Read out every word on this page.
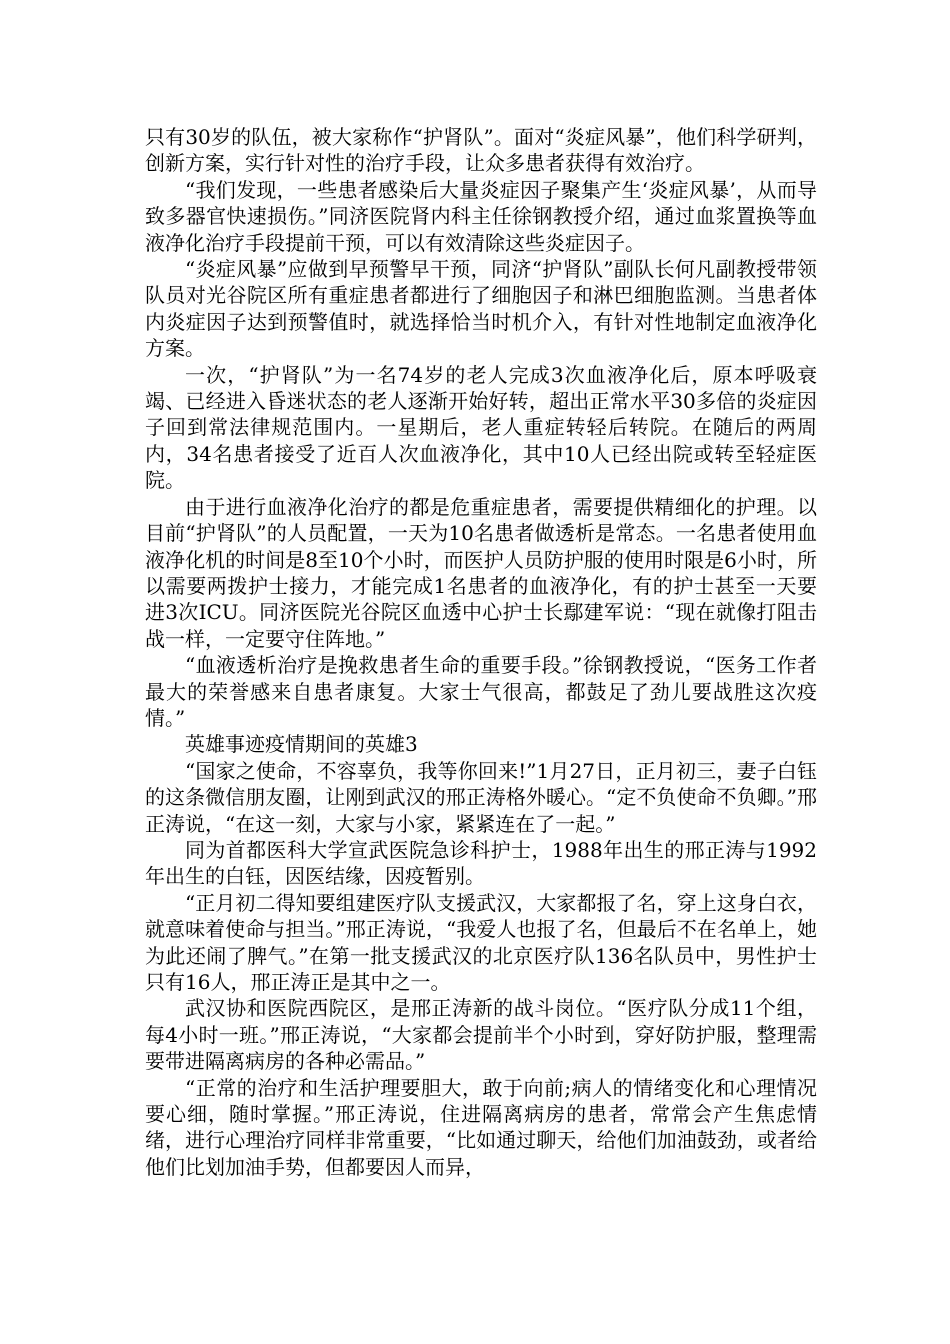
只有30岁的队伍，被大家称作“护肾队”。面对“炎症风暴”，他们科学研判，创新方案，实行针对性的治疗手段，让众多患者获得有效治疗。

“我们发现，一些患者感染后大量炎症因子聚集产生‘炎症风暴’，从而导致多器官快速损伤。”同济医院肾内科主任徐钢教授介绍，通过血浆置换等血液净化治疗手段提前干预，可以有效清除这些炎症因子。

“炎症风暴”应做到早预警早干预，同济“护肾队”副队长何凡副教授带领队员对光谷院区所有重症患者都进行了细胞因子和淋巴细胞监测。当患者体内炎症因子达到预警值时，就选择恰当时机介入，有针对性地制定血液净化方案。

一次，“护肾队”为一名74岁的老人完成3次血液净化后，原本呼吸衰竭、已经进入昏迷状态的老人逐渐开始好转，超出正常水平30多倍的炎症因子回到常法律规范围内。一星期后，老人重症转轻后转院。在随后的两周内，34名患者接受了近百人次血液净化，其中10人已经出院或转至轻症医院。

由于进行血液净化治疗的都是危重症患者，需要提供精细化的护理。以目前“护肾队”的人员配置，一天为10名患者做透析是常态。一名患者使用血液净化机的时间是8至10个小时，而医护人员防护服的使用时限是6小时，所以需要两拨护士接力，才能完成1名患者的血液净化，有的护士甚至一天要进3次ICU。同济医院光谷院区血透中心护士长鄢建军说：“现在就像打阻击战一样，一定要守住阵地。”

“血液透析治疗是挽救患者生命的重要手段。”徐钢教授说，“医务工作者最大的荣誉感来自患者康复。大家士气很高，都鼓足了劲儿要战胜这次疫情。”

英雄事迹疫情期间的英雄3

“国家之使命，不容辜负，我等你回来!”1月27日，正月初三，妻子白钰的这条微信朋友圈，让刚到武汉的邢正涛格外暖心。“定不负使命不负卿。”邢正涛说，“在这一刻，大家与小家，紧紧连在了一起。”

同为首都医科大学宣武医院急诊科护士，1988年出生的邢正涛与1992年出生的白钰，因医结缘，因疫暂别。

“正月初二得知要组建医疗队支援武汉，大家都报了名，穿上这身白衣，就意味着使命与担当。”邢正涛说，“我爱人也报了名，但最后不在名单上，她为此还闹了脾气。”在第一批支援武汉的北京医疗队136名队员中，男性护士只有16人，邢正涛正是其中之一。

武汉协和医院西院区，是邢正涛新的战斗岗位。“医疗队分成11个组，每4小时一班。”邢正涛说，“大家都会提前半个小时到，穿好防护服，整理需要带进隔离病房的各种必需品。”

“正常的治疗和生活护理要胆大，敢于向前;病人的情绪变化和心理情况要心细，随时掌握。”邢正涛说，住进隔离病房的患者，常常会产生焦虑情绪，进行心理治疗同样非常重要，“比如通过聊天，给他们加油鼓劲，或者给他们比划加油手势，但都要因人而异，
